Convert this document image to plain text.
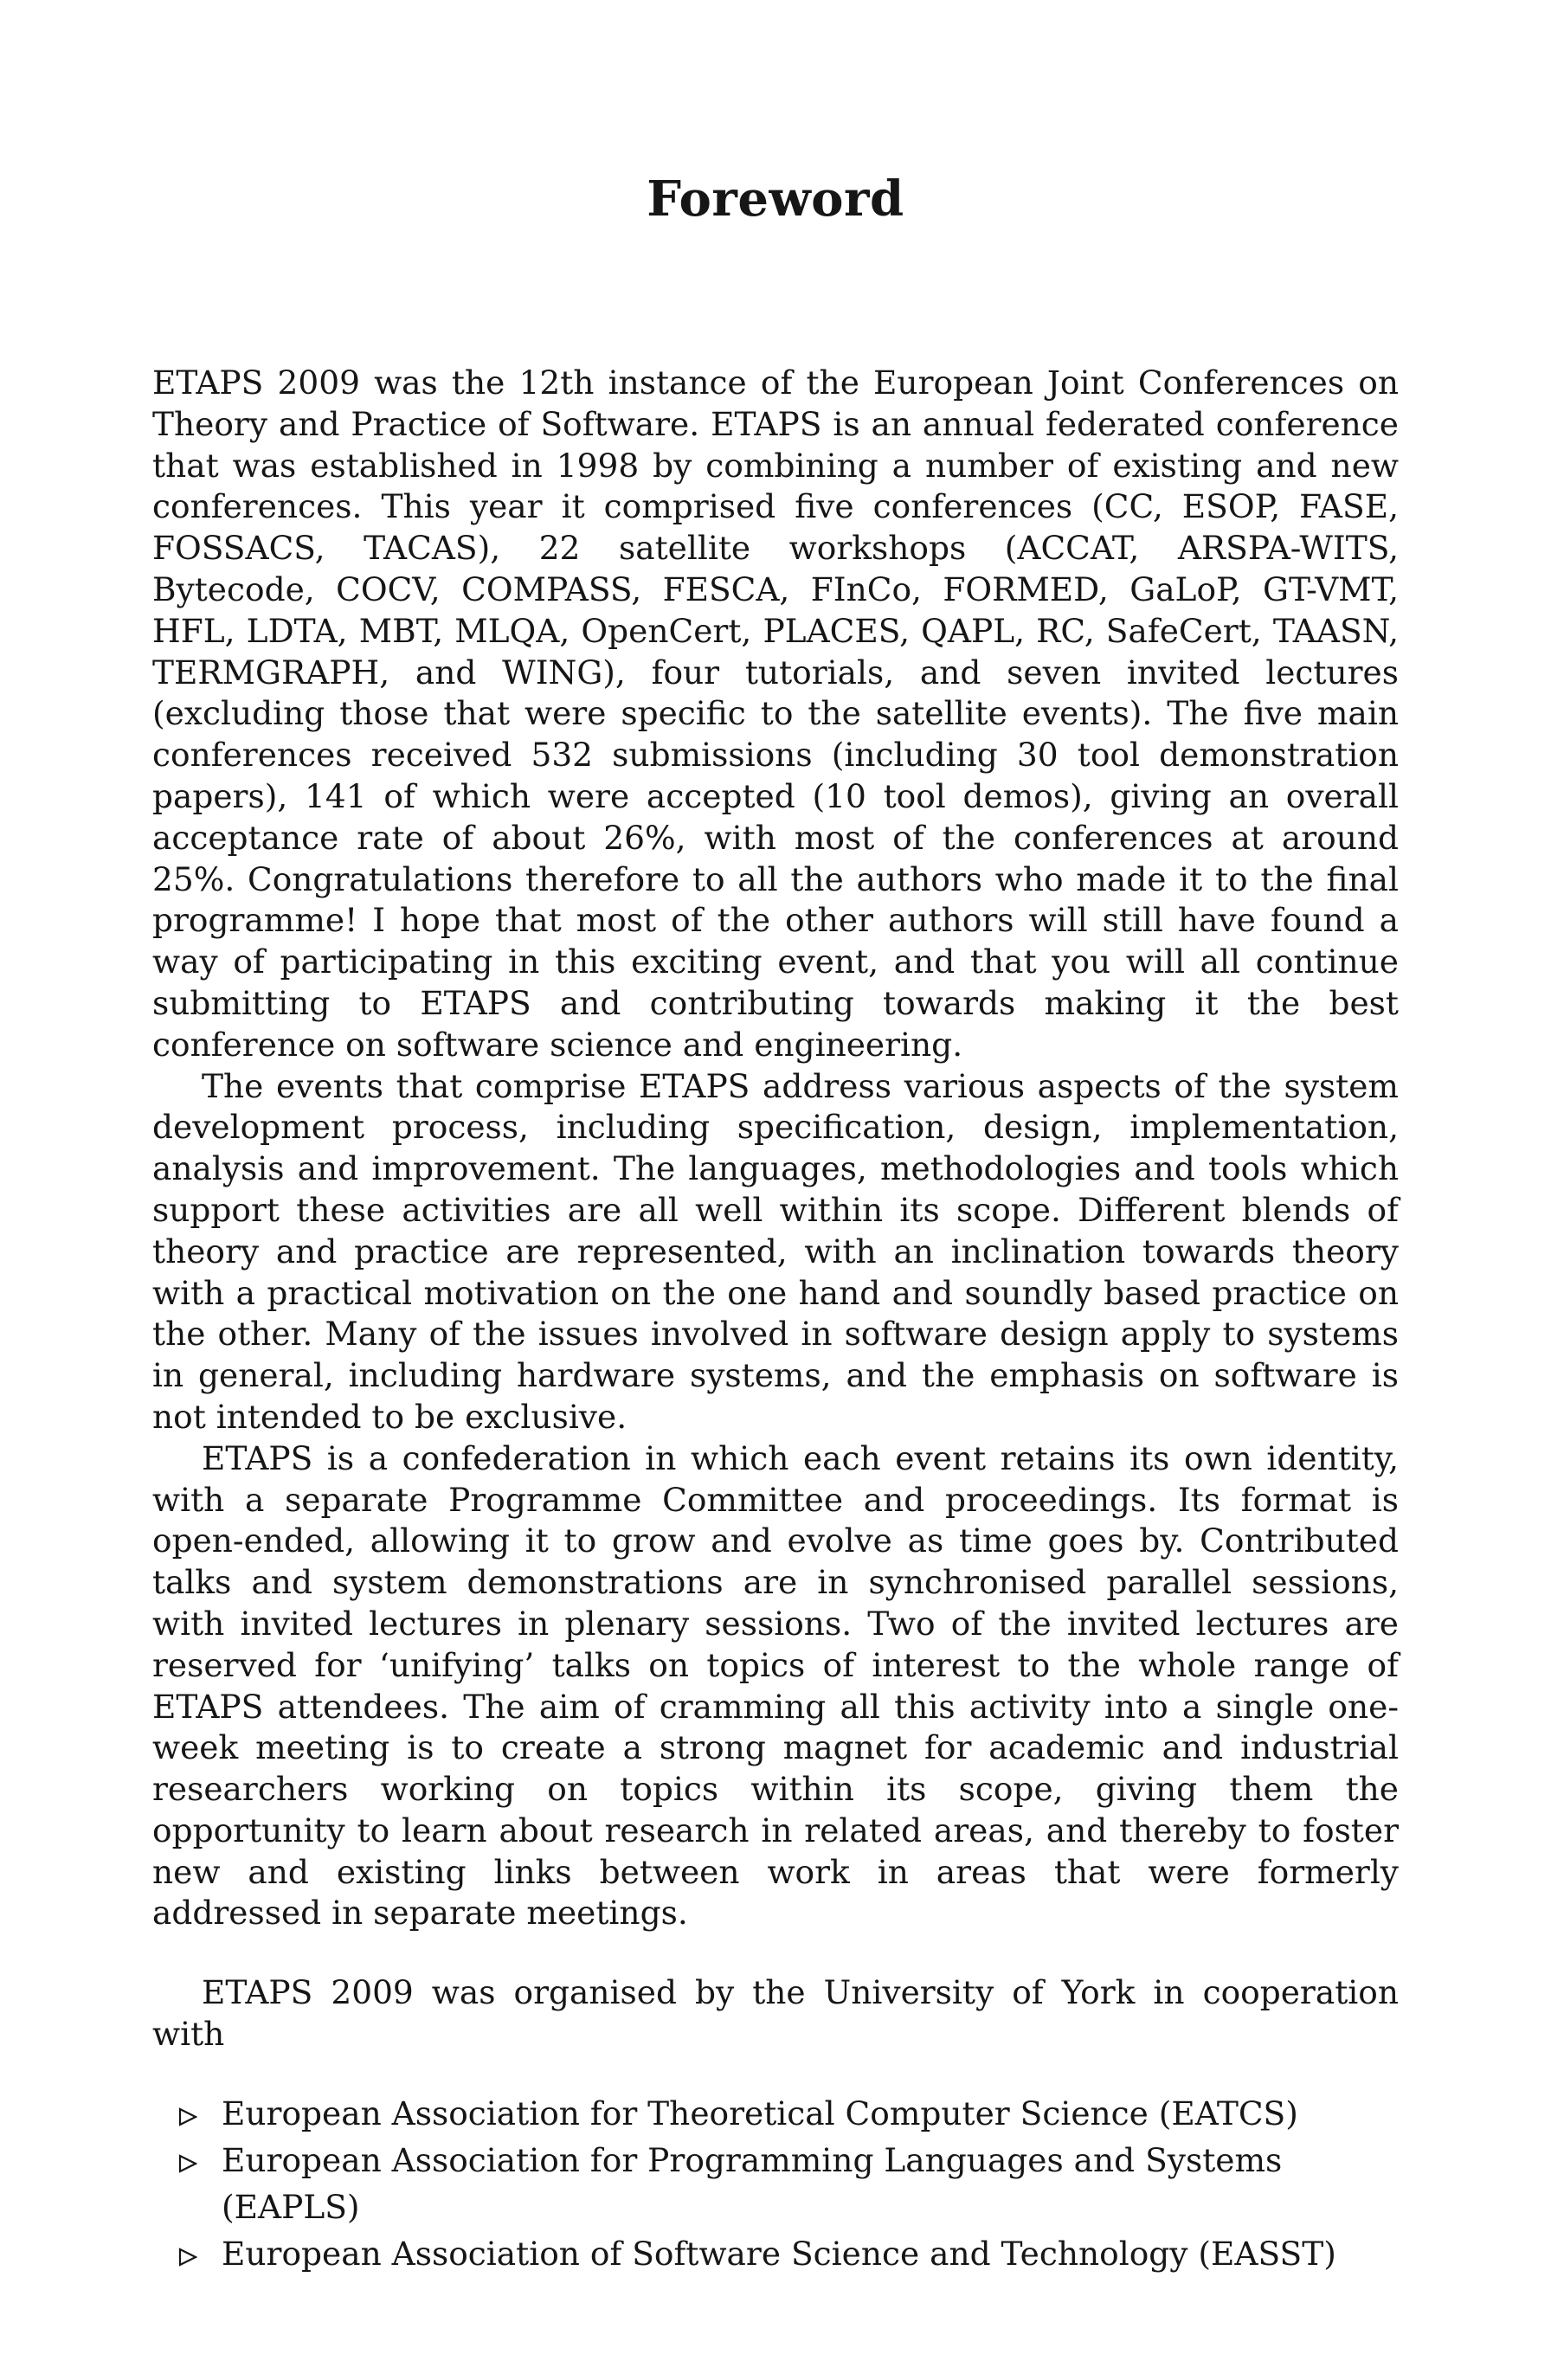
Foreword

ETAPS 2009 was the 12th instance of the European Joint Conferences on Theory and Practice of Software. ETAPS is an annual federated conference that was established in 1998 by combining a number of existing and new conferences. This year it comprised five conferences (CC, ESOP, FASE, FOSSACS, TACAS), 22 satellite workshops (ACCAT, ARSPA-WITS, Bytecode, COCV, COMPASS, FESCA, FInCo, FORMED, GaLoP, GT-VMT, HFL, LDTA, MBT, MLQA, OpenCert, PLACES, QAPL, RC, SafeCert, TAASN, TERMGRAPH, and WING), four tutorials, and seven invited lectures (excluding those that were specific to the satellite events). The five main conferences received 532 submissions (including 30 tool demonstration papers), 141 of which were accepted (10 tool demos), giving an overall acceptance rate of about 26%, with most of the conferences at around 25%. Congratulations therefore to all the authors who made it to the final programme! I hope that most of the other authors will still have found a way of participating in this exciting event, and that you will all continue submitting to ETAPS and contributing towards making it the best conference on software science and engineering.

The events that comprise ETAPS address various aspects of the system development process, including specification, design, implementation, analysis and improvement. The languages, methodologies and tools which support these activities are all well within its scope. Different blends of theory and practice are represented, with an inclination towards theory with a practical motivation on the one hand and soundly based practice on the other. Many of the issues involved in software design apply to systems in general, including hardware systems, and the emphasis on software is not intended to be exclusive.

ETAPS is a confederation in which each event retains its own identity, with a separate Programme Committee and proceedings. Its format is open-ended, allowing it to grow and evolve as time goes by. Contributed talks and system demonstrations are in synchronised parallel sessions, with invited lectures in plenary sessions. Two of the invited lectures are reserved for ‘unifying’ talks on topics of interest to the whole range of ETAPS attendees. The aim of cramming all this activity into a single one-week meeting is to create a strong magnet for academic and industrial researchers working on topics within its scope, giving them the opportunity to learn about research in related areas, and thereby to foster new and existing links between work in areas that were formerly addressed in separate meetings.

ETAPS 2009 was organised by the University of York in cooperation with

European Association for Theoretical Computer Science (EATCS)
European Association for Programming Languages and Systems (EAPLS)
European Association of Software Science and Technology (EASST)
